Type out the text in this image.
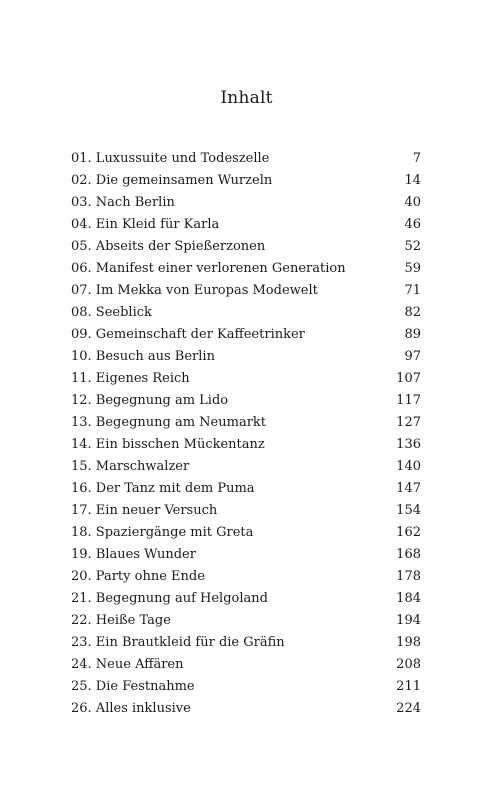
Inhalt
01. Luxussuite und Todeszelle	7
02. Die gemeinsamen Wurzeln	14
03. Nach Berlin	40
04. Ein Kleid für Karla	46
05. Abseits der Spießerzonen	52
06. Manifest einer verlorenen Generation	59
07. Im Mekka von Europas Modewelt	71
08. Seeblick	82
09. Gemeinschaft der Kaffeetrinker	89
10. Besuch aus Berlin	97
11. Eigenes Reich	107
12. Begegnung am Lido	117
13. Begegnung am Neumarkt	127
14. Ein bisschen Mückentanz	136
15. Marschwalzer	140
16. Der Tanz mit dem Puma	147
17. Ein neuer Versuch	154
18. Spaziergänge mit Greta	162
19. Blaues Wunder	168
20. Party ohne Ende	178
21. Begegnung auf Helgoland	184
22. Heiße Tage	194
23. Ein Brautkleid für die Gräfin	198
24. Neue Affären	208
25. Die Festnahme	211
26. Alles inklusive	224
